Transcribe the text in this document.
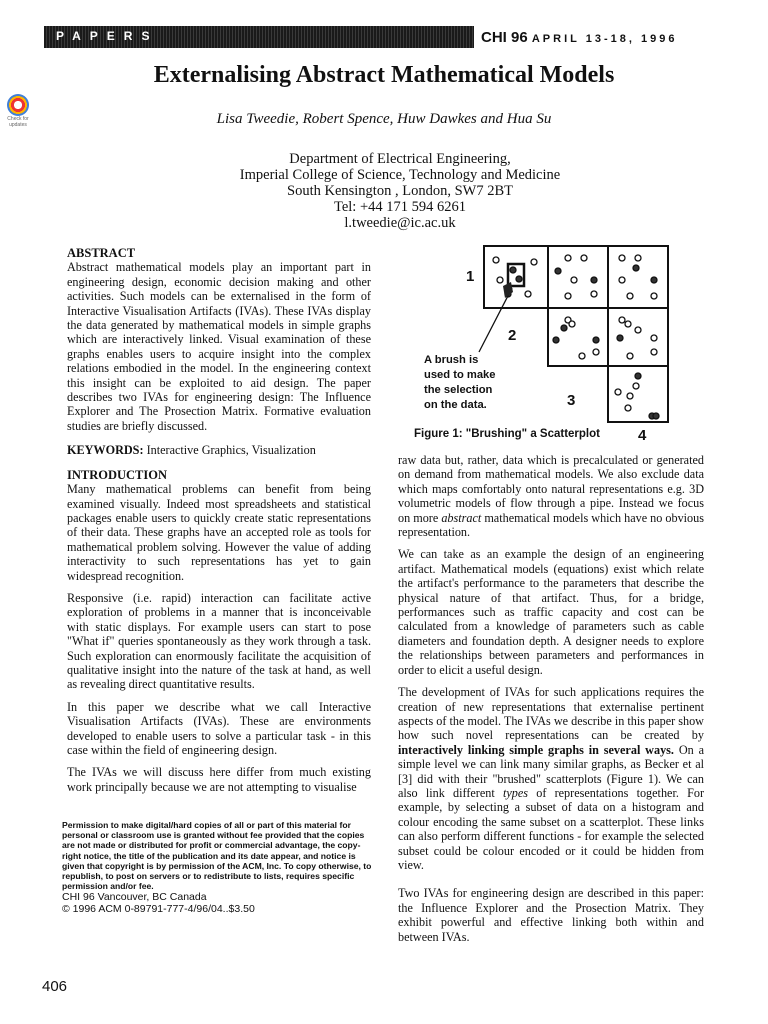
PAPERS	CHI 96 APRIL 13-18, 1996
Check for updates
Externalising Abstract Mathematical Models
Lisa Tweedie, Robert Spence, Huw Dawkes and Hua Su
Department of Electrical Engineering,
Imperial College of Science, Technology and Medicine
South Kensington , London, SW7 2BT
Tel: +44 171 594 6261
l.tweedie@ic.ac.uk
ABSTRACT

Abstract mathematical models play an important part in engineering design, economic decision making and other activities. Such models can be externalised in the form of Interactive Visualisation Artifacts (IVAs). These IVAs display the data generated by mathematical models in simple graphs which are interactively linked. Visual examination of these graphs enables users to acquire insight into the complex relations embodied in the model. In the engineering context this insight can be exploited to aid design. The paper describes two IVAs for engineering design: The Influence Explorer and The Prosection Matrix. Formative evaluation studies are briefly discussed.

KEYWORDS: Interactive Graphics, Visualization

INTRODUCTION

Many mathematical problems can benefit from being examined visually. Indeed most spreadsheets and statistical packages enable users to quickly create static representations of their data. These graphs have an accepted role as tools for mathematical problem solving. However the value of adding interactivity to such representations has yet to gain widespread recognition.

Responsive (i.e. rapid) interaction can facilitate active exploration of problems in a manner that is inconceivable with static displays. For example users can start to pose "What if" queries spontaneously as they work through a task. Such exploration can enormously facilitate the acquisition of qualitative insight into the nature of the task at hand, as well as revealing direct quantitative results.

In this paper we describe what we call Interactive Visualisation Artifacts (IVAs). These are environments developed to enable users to solve a particular task - in this case within the field of engineering design.

The IVAs we will discuss here differ from much existing work principally because we are not attempting to visualise

Permission to make digital/hard copies of all or part of this material for personal or classroom use is granted without fee provided that the copies are not made or distributed for profit or commercial advantage, the copy-right notice, the title of the publication and its date appear, and notice is given that copyright is by permission of the ACM, Inc. To copy otherwise, to republish, to post on servers or to redistribute to lists, requires specific permission and/or fee.
CHI 96 Vancouver, BC Canada
© 1996 ACM 0-89791-777-4/96/04..$3.50
1
2
3
4
A brush is
used to make
the selection
on the data.
Figure 1: "Brushing" a Scatterplot

raw data but, rather, data which is precalculated or generated on demand from mathematical models. We also exclude data which maps comfortably onto natural representations e.g. 3D volumetric models of flow through a pipe. Instead we focus on more abstract mathematical models which have no obvious representation.

We can take as an example the design of an engineering artifact. Mathematical models (equations) exist which relate the artifact's performance to the parameters that describe the physical nature of that artifact. Thus, for a bridge, performances such as traffic capacity and cost can be calculated from a knowledge of parameters such as cable diameters and foundation depth. A designer needs to explore the relationships between parameters and performances in order to elicit a useful design.

The development of IVAs for such applications requires the creation of new representations that externalise pertinent aspects of the model. The IVAs we describe in this paper show how such novel representations can be created by interactively linking simple graphs in several ways. On a simple level we can link many similar graphs, as Becker et al [3] did with their "brushed" scatterplots (Figure 1). We can also link different types of representations together. For example, by selecting a subset of data on a histogram and colour encoding the same subset on a scatterplot. These links can also perform different functions - for example the selected subset could be colour encoded or it could be hidden from view.

Two IVAs for engineering design are described in this paper: the Influence Explorer and the Prosection Matrix. They exhibit powerful and effective linking both within and between IVAs.

406
